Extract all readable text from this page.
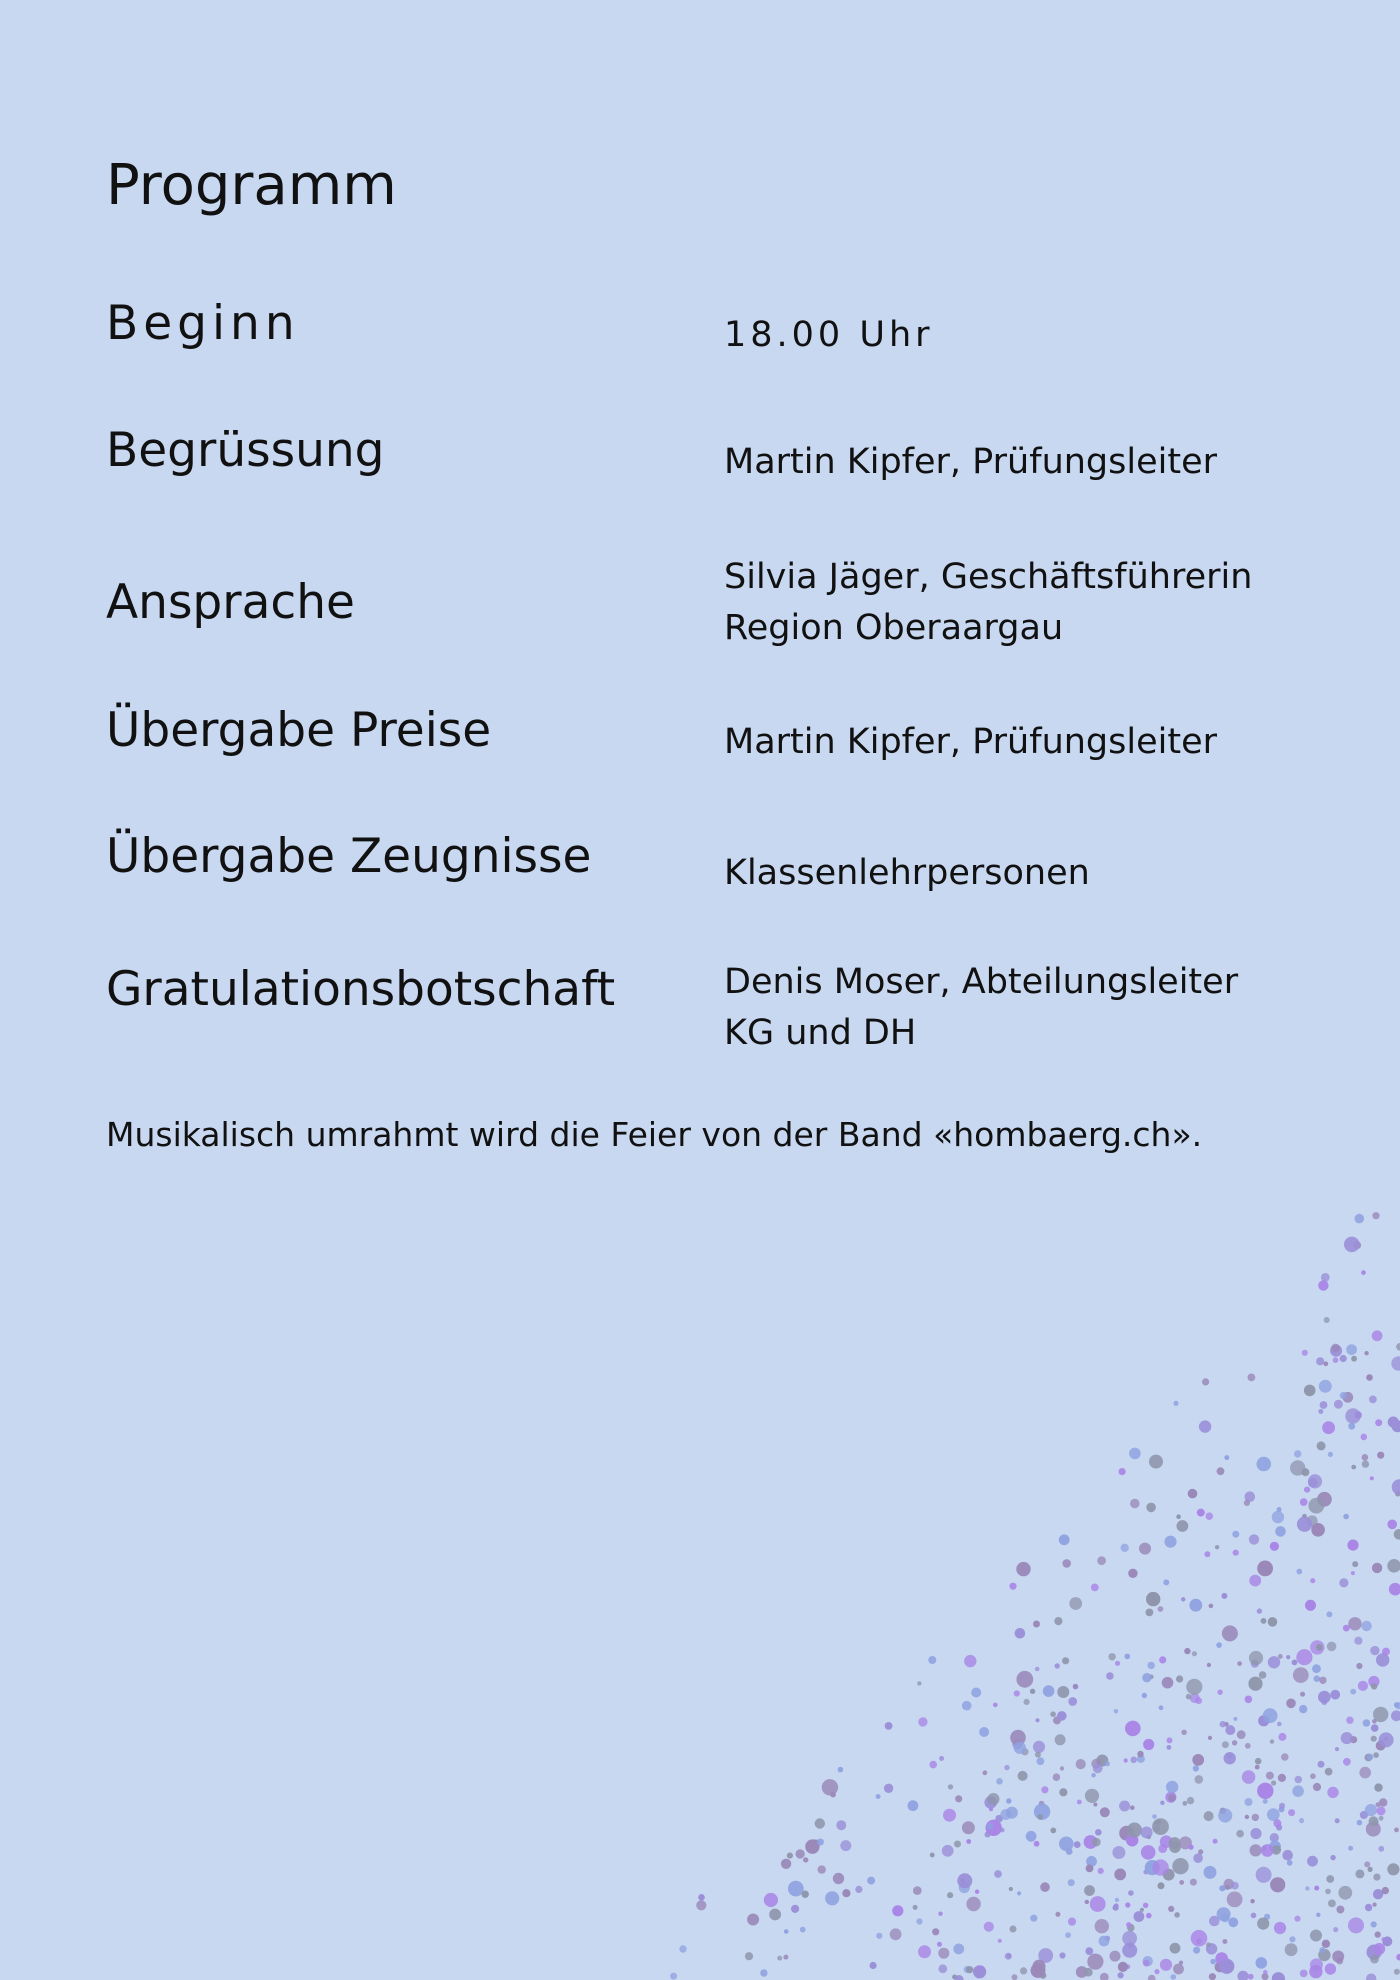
Programm
Beginn	18.00 Uhr
Begrüssung	Martin Kipfer, Prüfungsleiter
Ansprache	Silvia Jäger, Geschäftsführerin
Region Oberaargau
Übergabe Preise	Martin Kipfer, Prüfungsleiter
Übergabe Zeugnisse	Klassenlehrpersonen
Gratulationsbotschaft	Denis Moser, Abteilungsleiter
KG und DH
Musikalisch umrahmt wird die Feier von der Band «hombaerg.ch».
